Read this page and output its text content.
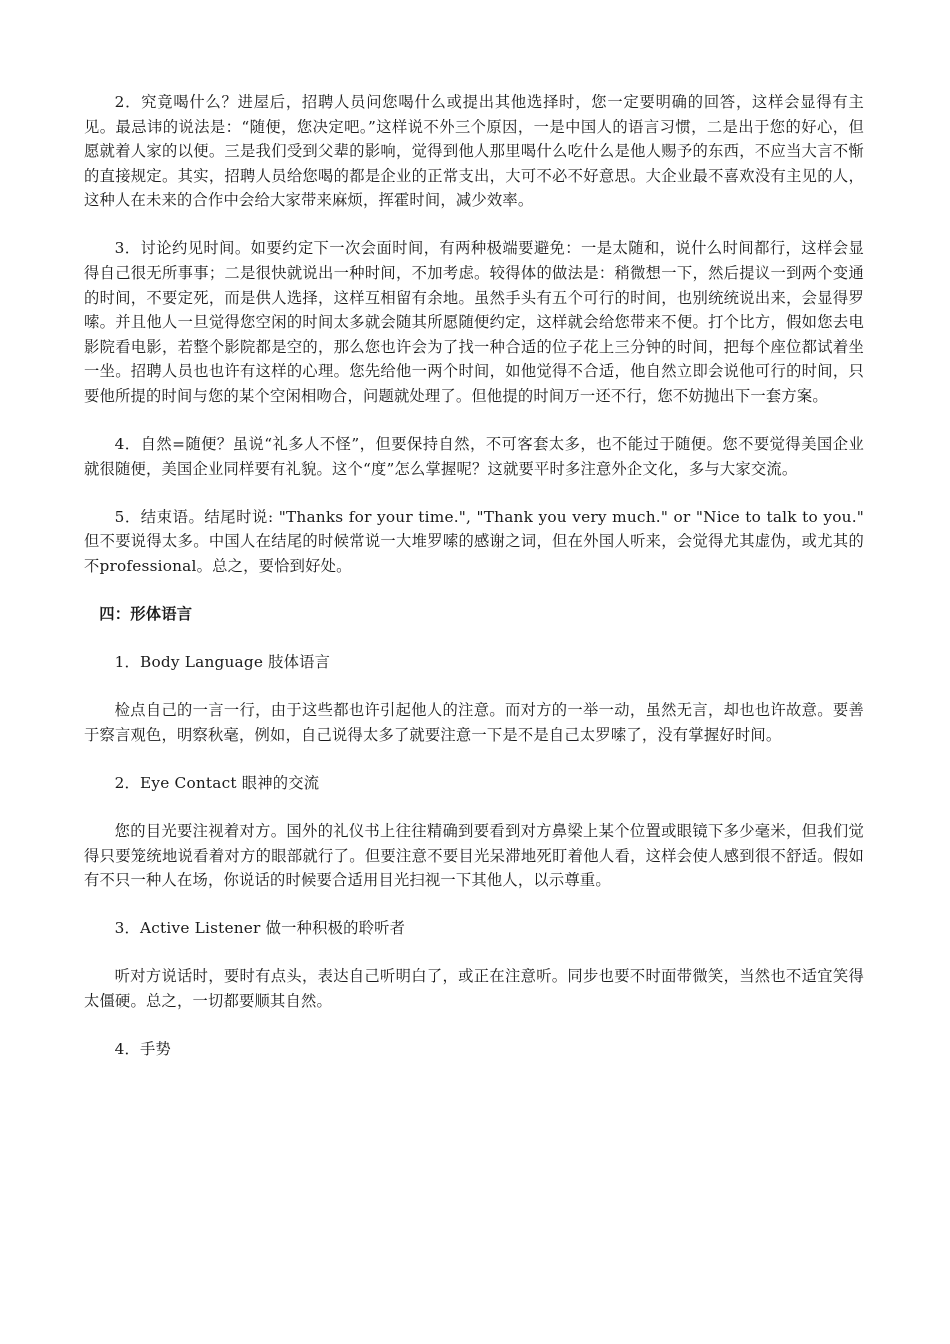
2．究竟喝什么？进屋后，招聘人员问您喝什么或提出其他选择时，您一定要明确的回答，这样会显得有主见。最忌讳的说法是：“随便，您决定吧。”这样说不外三个原因，一是中国人的语言习惯，二是出于您的好心，但愿就着人家的以便。三是我们受到父辈的影响，觉得到他人那里喝什么吃什么是他人赐予的东西，不应当大言不惭的直接规定。其实，招聘人员给您喝的都是企业的正常支出，大可不必不好意思。大企业最不喜欢没有主见的人，这种人在未来的合作中会给大家带来麻烦，挥霍时间，减少效率。

3．讨论约见时间。如要约定下一次会面时间，有两种极端要避免：一是太随和，说什么时间都行，这样会显得自己很无所事事；二是很快就说出一种时间，不加考虑。较得体的做法是：稍微想一下，然后提议一到两个变通的时间，不要定死，而是供人选择，这样互相留有余地。虽然手头有五个可行的时间，也别统统说出来，会显得罗嗦。并且他人一旦觉得您空闲的时间太多就会随其所愿随便约定，这样就会给您带来不便。打个比方，假如您去电影院看电影，若整个影院都是空的，那么您也许会为了找一种合适的位子花上三分钟的时间，把每个座位都试着坐一坐。招聘人员也也许有这样的心理。您先给他一两个时间，如他觉得不合适，他自然立即会说他可行的时间，只要他所提的时间与您的某个空闲相吻合，问题就处理了。但他提的时间万一还不行，您不妨抛出下一套方案。

4．自然=随便？虽说“礼多人不怪”，但要保持自然，不可客套太多，也不能过于随便。您不要觉得美国企业就很随便，美国企业同样要有礼貌。这个“度”怎么掌握呢？这就要平时多注意外企文化，多与大家交流。

5．结束语。结尾时说: "Thanks for your time.", "Thank you very much." or "Nice to talk to you." 但不要说得太多。中国人在结尾的时候常说一大堆罗嗦的感谢之词，但在外国人听来，会觉得尤其虚伪，或尤其的不professional。总之，要恰到好处。

四：形体语言

1．Body Language 肢体语言

检点自己的一言一行，由于这些都也许引起他人的注意。而对方的一举一动，虽然无言，却也也许故意。要善于察言观色，明察秋毫，例如，自己说得太多了就要注意一下是不是自己太罗嗦了，没有掌握好时间。

2．Eye Contact 眼神的交流

您的目光要注视着对方。国外的礼仪书上往往精确到要看到对方鼻梁上某个位置或眼镜下多少毫米，但我们觉得只要笼统地说看着对方的眼部就行了。但要注意不要目光呆滞地死盯着他人看，这样会使人感到很不舒适。假如有不只一种人在场，你说话的时候要合适用目光扫视一下其他人，以示尊重。

3．Active Listener 做一种积极的聆听者

听对方说话时，要时有点头，表达自己听明白了，或正在注意听。同步也要不时面带微笑，当然也不适宜笑得太僵硬。总之，一切都要顺其自然。

4．手势
